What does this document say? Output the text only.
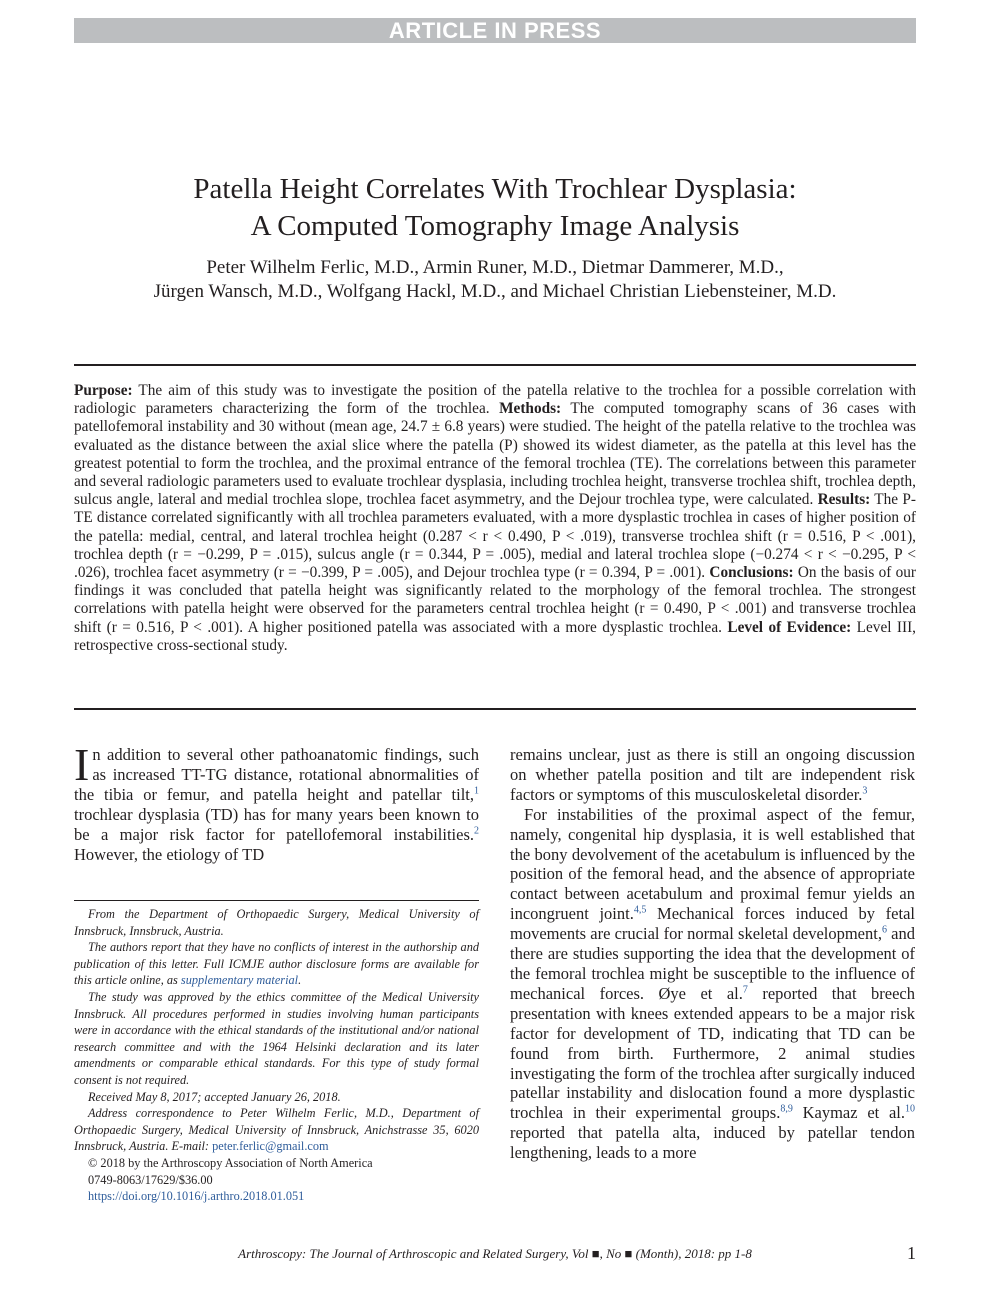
ARTICLE IN PRESS
Patella Height Correlates With Trochlear Dysplasia:
A Computed Tomography Image Analysis
Peter Wilhelm Ferlic, M.D., Armin Runer, M.D., Dietmar Dammerer, M.D.,
Jürgen Wansch, M.D., Wolfgang Hackl, M.D., and Michael Christian Liebensteiner, M.D.
Purpose: The aim of this study was to investigate the position of the patella relative to the trochlea for a possible correlation with radiologic parameters characterizing the form of the trochlea. Methods: The computed tomography scans of 36 cases with patellofemoral instability and 30 without (mean age, 24.7 ± 6.8 years) were studied. The height of the patella relative to the trochlea was evaluated as the distance between the axial slice where the patella (P) showed its widest diameter, as the patella at this level has the greatest potential to form the trochlea, and the proximal entrance of the femoral trochlea (TE). The correlations between this parameter and several radiologic parameters used to evaluate trochlear dysplasia, including trochlea height, transverse trochlea shift, trochlea depth, sulcus angle, lateral and medial trochlea slope, trochlea facet asymmetry, and the Dejour trochlea type, were calculated. Results: The P-TE distance correlated significantly with all trochlea parameters evaluated, with a more dysplastic trochlea in cases of higher position of the patella: medial, central, and lateral trochlea height (0.287 < r < 0.490, P < .019), transverse trochlea shift (r = 0.516, P < .001), trochlea depth (r = −0.299, P = .015), sulcus angle (r = 0.344, P = .005), medial and lateral trochlea slope (−0.274 < r < −0.295, P < .026), trochlea facet asymmetry (r = −0.399, P = .005), and Dejour trochlea type (r = 0.394, P = .001). Conclusions: On the basis of our findings it was concluded that patella height was significantly related to the morphology of the femoral trochlea. The strongest correlations with patella height were observed for the parameters central trochlea height (r = 0.490, P < .001) and transverse trochlea shift (r = 0.516, P < .001). A higher positioned patella was associated with a more dysplastic trochlea. Level of Evidence: Level III, retrospective cross-sectional study.

In addition to several other pathoanatomic findings, such as increased TT-TG distance, rotational abnormalities of the tibia or femur, and patella height and patellar tilt,$^1$ trochlear dysplasia (TD) has for many years been known to be a major risk factor for patellofemoral instabilities.$^2$ However, the etiology of TD

From the Department of Orthopaedic Surgery, Medical University of Innsbruck, Innsbruck, Austria.

The authors report that they have no conflicts of interest in the authorship and publication of this letter. Full ICMJE author disclosure forms are available for this article online, as supplementary material.

The study was approved by the ethics committee of the Medical University Innsbruck. All procedures performed in studies involving human participants were in accordance with the ethical standards of the institutional and/or national research committee and with the 1964 Helsinki declaration and its later amendments or comparable ethical standards. For this type of study formal consent is not required.

Received May 8, 2017; accepted January 26, 2018.

Address correspondence to Peter Wilhelm Ferlic, M.D., Department of Orthopaedic Surgery, Medical University of Innsbruck, Anichstrasse 35, 6020 Innsbruck, Austria. E-mail: peter.ferlic@gmail.com

© 2018 by the Arthroscopy Association of North America

0749-8063/17629/$36.00

https://doi.org/10.1016/j.arthro.2018.01.051

remains unclear, just as there is still an ongoing discussion on whether patella position and tilt are independent risk factors or symptoms of this musculoskeletal disorder.$^3$

For instabilities of the proximal aspect of the femur, namely, congenital hip dysplasia, it is well established that the bony devolvement of the acetabulum is influenced by the position of the femoral head, and the absence of appropriate contact between acetabulum and proximal femur yields an incongruent joint.$^{4,5}$ Mechanical forces induced by fetal movements are crucial for normal skeletal development,$^6$ and there are studies supporting the idea that the development of the femoral trochlea might be susceptible to the influence of mechanical forces. Øye et al.$^7$ reported that breech presentation with knees extended appears to be a major risk factor for development of TD, indicating that TD can be found from birth. Furthermore, 2 animal studies investigating the form of the trochlea after surgically induced patellar instability and dislocation found a more dysplastic trochlea in their experimental groups.$^{8,9}$ Kaymaz et al.$^{10}$ reported that patella alta, induced by patellar tendon lengthening, leads to a more

Arthroscopy: The Journal of Arthroscopic and Related Surgery, Vol ■, No ■ (Month), 2018: pp 1-8	1
